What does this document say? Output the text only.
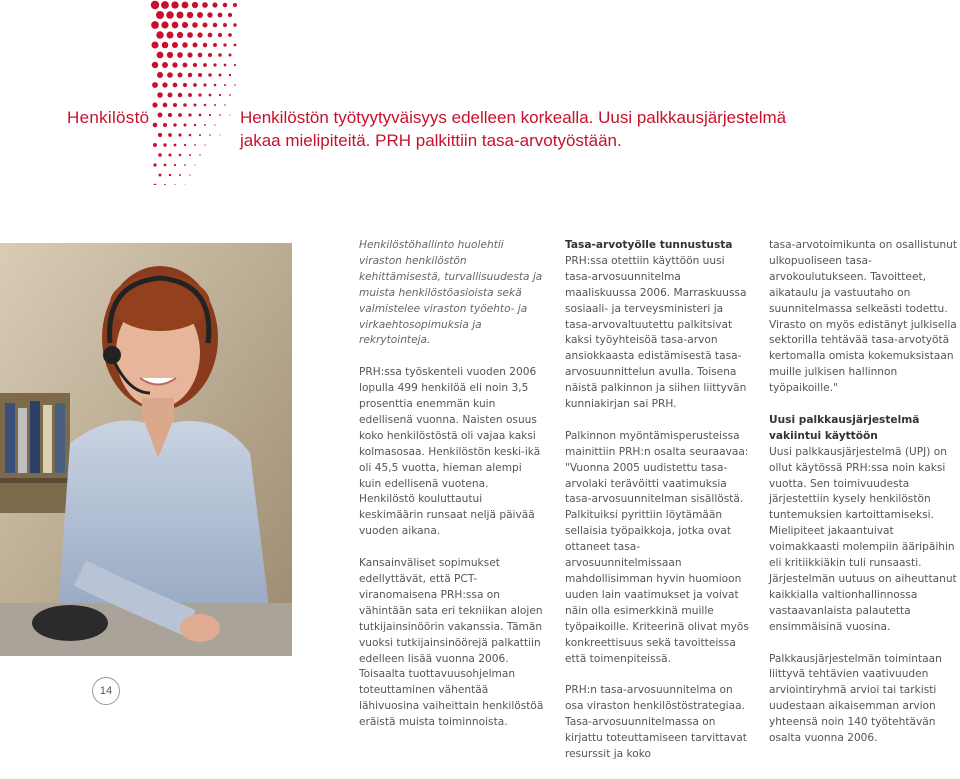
Henkilöstö	Henkilöstön työtyytyväisyys edelleen korkealla. Uusi palkkausjärjestelmä jakaa mielipiteitä. PRH palkittiin tasa-arvotyöstään.

Henkilöstöhallinto huolehtii viraston henkilöstön kehittämisestä, turvallisuudesta ja muista henkilöstöasioista sekä valmistelee viraston työehto- ja virkaehtosopimuksia ja rekrytointeja.

PRH:ssa työskenteli vuoden 2006 lopulla 499 henkilöä eli noin 3,5 prosenttia enemmän kuin edellisenä vuonna. Naisten osuus koko henkilöstöstä oli vajaa kaksi kolmasosaa. Henkilöstön keski-ikä oli 45,5 vuotta, hieman alempi kuin edellisenä vuotena. Henkilöstö kouluttautui keskimäärin runsaat neljä päivää vuoden aikana.

Kansainväliset sopimukset edellyttävät, että PCT-viranomaisena PRH:ssa on vähintään sata eri tekniikan alojen tutkijainsinöörin vakanssia. Tämän vuoksi tutkijainsinöörejä palkattiin edelleen lisää vuonna 2006. Toisaalta tuottavuusohjelman toteuttaminen vähentää lähivuosina vaiheittain henkilöstöä eräistä muista toiminnoista.

Tasa-arvotyölle tunnustusta

PRH:ssa otettiin käyttöön uusi tasa-arvosuunnitelma maaliskuussa 2006. Marraskuussa sosiaali- ja terveysministeri ja tasa-arvovaltuutettu palkitsivat kaksi työyhteisöä tasa-arvon ansiokkaasta edistämisestä tasa-arvosuunnittelun avulla. Toisena näistä palkinnon ja siihen liittyvän kunniakirjan sai PRH.

Palkinnon myöntämisperusteissa mainittiin PRH:n osalta seuraavaa: "Vuonna 2005 uudistettu tasa-arvolaki terävöitti vaatimuksia tasa-arvosuunnitelman sisällöstä. Palkituiksi pyrittiin löytämään sellaisia työpaikkoja, jotka ovat ottaneet tasa-arvosuunnitelmissaan mahdollisimman hyvin huomioon uuden lain vaatimukset ja voivat näin olla esimerkkinä muille työpaikoille. Kriteerinä olivat myös konkreettisuus sekä tavoitteissa että toimenpiteissä.

PRH:n tasa-arvosuunnitelma on osa viraston henkilöstöstrategiaa. Tasa-arvosuunnitelmassa on kirjattu toteuttamiseen tarvittavat resurssit ja koko

tasa-arvotoimikunta on osallistunut ulkopuoliseen tasa-arvokoulutukseen. Tavoitteet, aikataulu ja vastuutaho on suunnitelmassa selkeästi todettu. Virasto on myös edistänyt julkisella sektorilla tehtävää tasa-arvotyötä kertomalla omista kokemuksistaan muille julkisen hallinnon työpaikoille."

Uusi palkkausjärjestelmä vakiintui käyttöön

Uusi palkkausjärjestelmä (UPJ) on ollut käytössä PRH:ssa noin kaksi vuotta. Sen toimivuudesta järjestettiin kysely henkilöstön tuntemuksien kartoittamiseksi. Mielipiteet jakaantuivat voimakkaasti molempiin ääripäihin eli kritiikkiäkin tuli runsaasti. Järjestelmän uutuus on aiheuttanut kaikkialla valtionhallinnossa vastaavanlaista palautetta ensimmäisinä vuosina.

Palkkausjärjestelmän toimintaan liittyvä tehtävien vaativuuden arviointiryhmä arvioi tai tarkisti uudestaan aikaisemman arvion yhteensä noin 140 työtehtävän osalta vuonna 2006.

14
